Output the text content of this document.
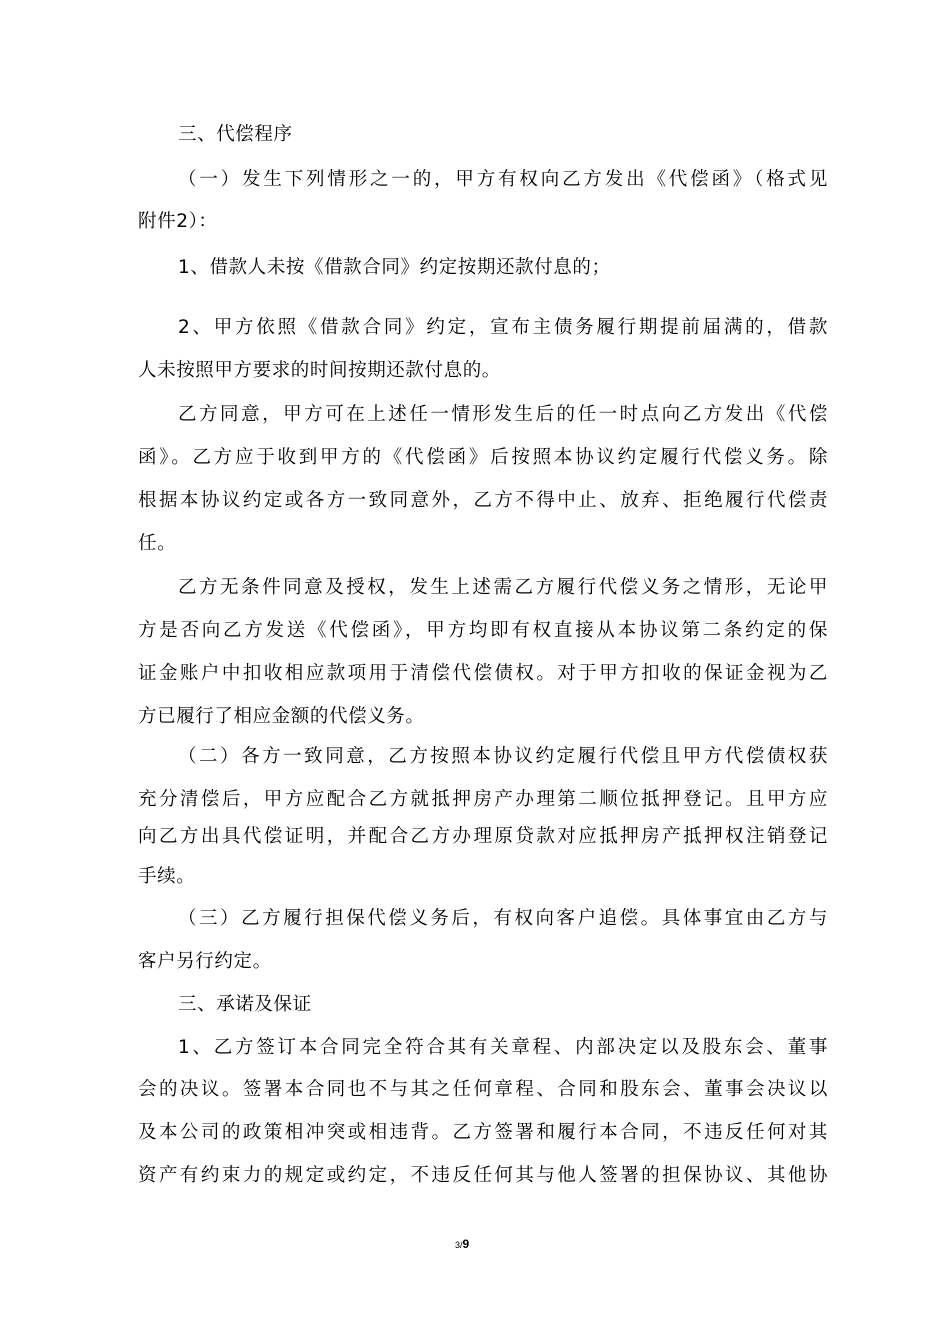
三、代偿程序
（一）发生下列情形之一的，甲方有权向乙方发出《代偿函》（格式见
附件2）：
1、借款人未按《借款合同》约定按期还款付息的；
2、甲方依照《借款合同》约定，宣布主债务履行期提前届满的，借款
人未按照甲方要求的时间按期还款付息的。
乙方同意，甲方可在上述任一情形发生后的任一时点向乙方发出《代偿
函》。乙方应于收到甲方的《代偿函》后按照本协议约定履行代偿义务。除
根据本协议约定或各方一致同意外，乙方不得中止、放弃、拒绝履行代偿责
任。
乙方无条件同意及授权，发生上述需乙方履行代偿义务之情形，无论甲
方是否向乙方发送《代偿函》，甲方均即有权直接从本协议第二条约定的保
证金账户中扣收相应款项用于清偿代偿债权。对于甲方扣收的保证金视为乙
方已履行了相应金额的代偿义务。
（二）各方一致同意，乙方按照本协议约定履行代偿且甲方代偿债权获
充分清偿后，甲方应配合乙方就抵押房产办理第二顺位抵押登记。且甲方应
向乙方出具代偿证明，并配合乙方办理原贷款对应抵押房产抵押权注销登记
手续。
（三）乙方履行担保代偿义务后，有权向客户追偿。具体事宜由乙方与
客户另行约定。
三、承诺及保证
1、乙方签订本合同完全符合其有关章程、内部决定以及股东会、董事
会的决议。签署本合同也不与其之任何章程、合同和股东会、董事会决议以
及本公司的政策相冲突或相违背。乙方签署和履行本合同，不违反任何对其
资产有约束力的规定或约定，不违反任何其与他人签署的担保协议、其他协
3/9
